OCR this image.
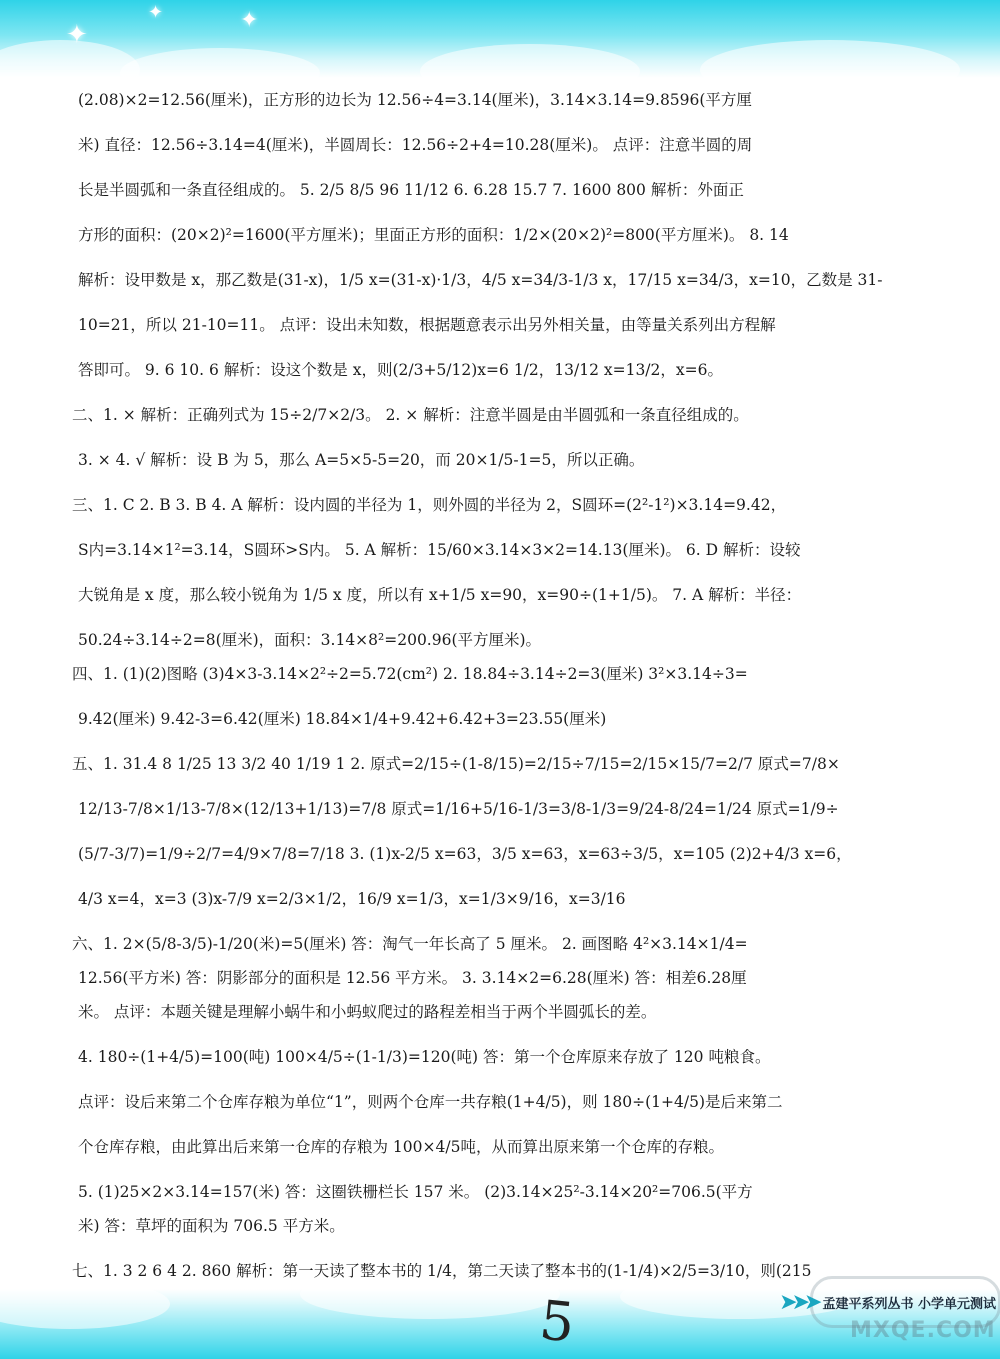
✦
✦	✦
(2.08)×2=12.56(厘米)，正方形的边长为 12.56÷4=3.14(厘米)，3.14×3.14=9.8596(平方厘
米) 直径：12.56÷3.14=4(厘米)，半圆周长：12.56÷2+4=10.28(厘米)。 点评：注意半圆的周
长是半圆弧和一条直径组成的。 5. 2/5 8/5 96 11/12 6. 6.28 15.7 7. 1600 800 解析：外面正
方形的面积：(20×2)²=1600(平方厘米)；里面正方形的面积：1/2×(20×2)²=800(平方厘米)。 8. 14
解析：设甲数是 x，那乙数是(31-x)，1/5 x=(31-x)·1/3，4/5 x=34/3-1/3 x，17/15 x=34/3，x=10，乙数是 31-
10=21，所以 21-10=11。 点评：设出未知数，根据题意表示出另外相关量，由等量关系列出方程解
答即可。 9. 6 10. 6 解析：设这个数是 x，则(2/3+5/12)x=6 1/2，13/12 x=13/2，x=6。
二、1. × 解析：正确列式为 15÷2/7×2/3。 2. × 解析：注意半圆是由半圆弧和一条直径组成的。
3. × 4. √ 解析：设 B 为 5，那么 A=5×5-5=20，而 20×1/5-1=5，所以正确。
三、1. C 2. B 3. B 4. A 解析：设内圆的半径为 1，则外圆的半径为 2，S圆环=(2²-1²)×3.14=9.42，
S内=3.14×1²=3.14，S圆环>S内。 5. A 解析：15/60×3.14×3×2=14.13(厘米)。 6. D 解析：设较
大锐角是 x 度，那么较小锐角为 1/5 x 度，所以有 x+1/5 x=90，x=90÷(1+1/5)。 7. A 解析：半径：
50.24÷3.14÷2=8(厘米)，面积：3.14×8²=200.96(平方厘米)。
四、1. (1)(2)图略 (3)4×3-3.14×2²÷2=5.72(cm²) 2. 18.84÷3.14÷2=3(厘米) 3²×3.14÷3=
9.42(厘米) 9.42-3=6.42(厘米) 18.84×1/4+9.42+6.42+3=23.55(厘米)
五、1. 31.4 8 1/25 13 3/2 40 1/19 1 2. 原式=2/15÷(1-8/15)=2/15÷7/15=2/15×15/7=2/7 原式=7/8×
12/13-7/8×1/13-7/8×(12/13+1/13)=7/8 原式=1/16+5/16-1/3=3/8-1/3=9/24-8/24=1/24 原式=1/9÷
(5/7-3/7)=1/9÷2/7=4/9×7/8=7/18 3. (1)x-2/5 x=63，3/5 x=63，x=63÷3/5，x=105 (2)2+4/3 x=6，
4/3 x=4，x=3 (3)x-7/9 x=2/3×1/2，16/9 x=1/3，x=1/3×9/16，x=3/16
六、1. 2×(5/8-3/5)-1/20(米)=5(厘米) 答：淘气一年长高了 5 厘米。 2. 画图略 4²×3.14×1/4=
12.56(平方米) 答：阴影部分的面积是 12.56 平方米。 3. 3.14×2=6.28(厘米) 答：相差6.28厘
米。 点评：本题关键是理解小蜗牛和小蚂蚁爬过的路程差相当于两个半圆弧长的差。
4. 180÷(1+4/5)=100(吨) 100×4/5÷(1-1/3)=120(吨) 答：第一个仓库原来存放了 120 吨粮食。
点评：设后来第二个仓库存粮为单位“1”，则两个仓库一共存粮(1+4/5)，则 180÷(1+4/5)是后来第二
个仓库存粮，由此算出后来第一仓库的存粮为 100×4/5吨，从而算出原来第一个仓库的存粮。
5. (1)25×2×3.14=157(米) 答：这圈铁栅栏长 157 米。 (2)3.14×25²-3.14×20²=706.5(平方
米) 答：草坪的面积为 706.5 平方米。
七、1. 3 2 6 4 2. 860 解析：第一天读了整本书的 1/4，第二天读了整本书的(1-1/4)×2/5=3/10，则(215
MXQE.COM
➤➤➤ 孟建平系列丛书 小学单元测试
5
